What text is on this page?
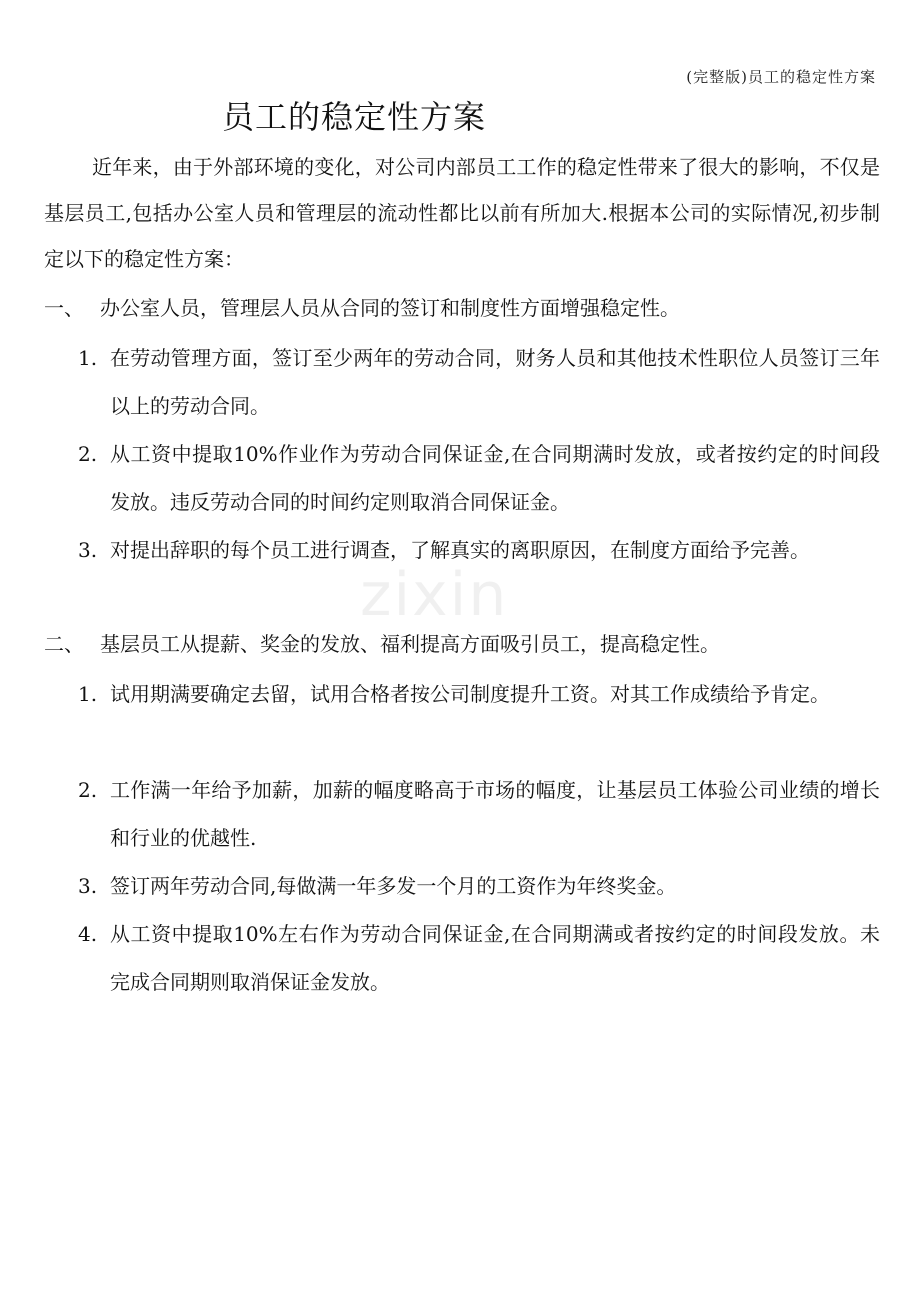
(完整版)员工的稳定性方案
员工的稳定性方案

近年来，由于外部环境的变化，对公司内部员工工作的稳定性带来了很大的影响，不仅是基层员工,包括办公室人员和管理层的流动性都比以前有所加大.根据本公司的实际情况,初步制定以下的稳定性方案：

一、 办公室人员，管理层人员从合同的签订和制度性方面增强稳定性。

1. 在劳动管理方面，签订至少两年的劳动合同，财务人员和其他技术性职位人员签订三年以上的劳动合同。
2. 从工资中提取10%作业作为劳动合同保证金,在合同期满时发放，或者按约定的时间段发放。违反劳动合同的时间约定则取消合同保证金。
3. 对提出辞职的每个员工进行调查，了解真实的离职原因，在制度方面给予完善。

二、 基层员工从提薪、奖金的发放、福利提高方面吸引员工，提高稳定性。

1. 试用期满要确定去留，试用合格者按公司制度提升工资。对其工作成绩给予肯定。
2. 工作满一年给予加薪，加薪的幅度略高于市场的幅度，让基层员工体验公司业绩的增长和行业的优越性.
3. 签订两年劳动合同,每做满一年多发一个月的工资作为年终奖金。
4. 从工资中提取10%左右作为劳动合同保证金,在合同期满或者按约定的时间段发放。未完成合同期则取消保证金发放。
zixin
